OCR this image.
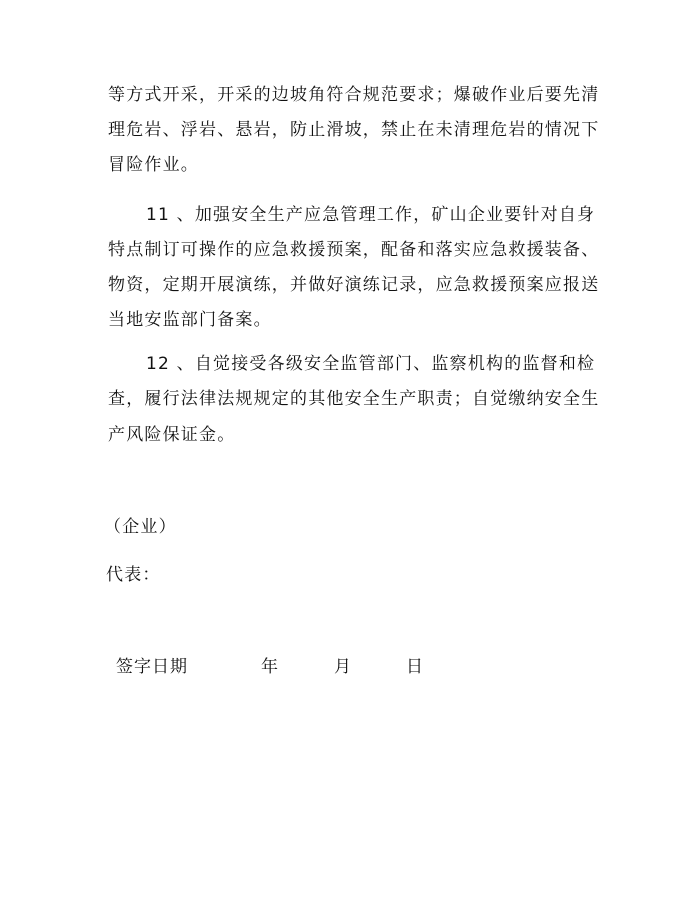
等方式开采，开采的边坡角符合规范要求；爆破作业后要先清
理危岩、浮岩、悬岩，防止滑坡，禁止在未清理危岩的情况下
冒险作业。
11 、加强安全生产应急管理工作，矿山企业要针对自身
特点制订可操作的应急救援预案，配备和落实应急救援装备、
物资，定期开展演练，并做好演练记录，应急救援预案应报送
当地安监部门备案。
12 、自觉接受各级安全监管部门、监察机构的监督和检
查，履行法律法规规定的其他安全生产职责；自觉缴纳安全生
产风险保证金。
（企业）
代表：
签字日期	年	月	日
